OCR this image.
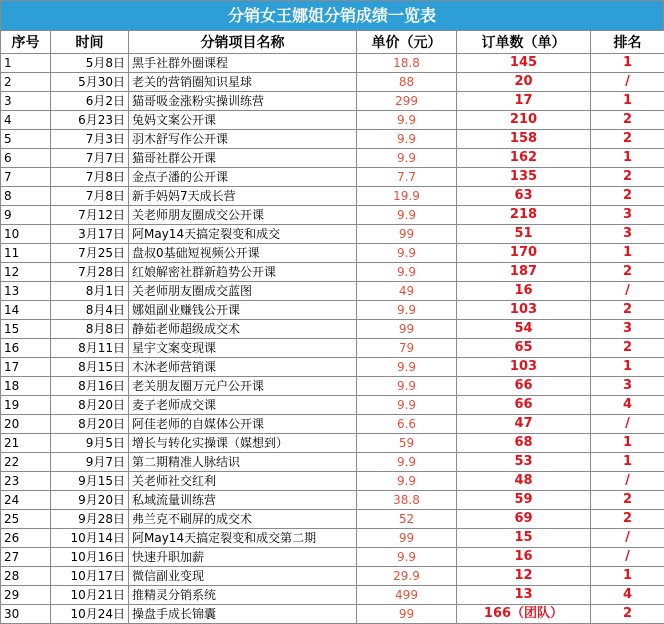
分销女王娜姐分销成绩一览表
序号	时间	分销项目名称	单价（元）	订单数（单）	排名
1	5月8日	黑手社群外圈课程	18.8	145	1
2	5月30日	老关的营销圈知识星球	88	20	/
3	6月2日	猫哥吸金涨粉实操训练营	299	17	1
4	6月23日	兔妈文案公开课	9.9	210	2
5	7月3日	羽木舒写作公开课	9.9	158	2
6	7月7日	猫哥社群公开课	9.9	162	1
7	7月8日	金点子潘的公开课	7.7	135	2
8	7月8日	新手妈妈7天成长营	19.9	63	2
9	7月12日	关老师朋友圈成交公开课	9.9	218	3
10	3月17日	阿May14天搞定裂变和成交	99	51	3
11	7月25日	盘叔0基础短视频公开课	9.9	170	1
12	7月28日	红娘解密社群新趋势公开课	9.9	187	2
13	8月1日	关老师朋友圈成交蓝图	49	16	/
14	8月4日	娜姐副业赚钱公开课	9.9	103	2
15	8月8日	静茹老师超级成交术	99	54	3
16	8月11日	星宇文案变现课	79	65	2
17	8月15日	木沐老师营销课	9.9	103	1
18	8月16日	老关朋友圈万元户公开课	9.9	66	3
19	8月20日	麦子老师成交课	9.9	66	4
20	8月20日	阿佳老师的自媒体公开课	6.6	47	/
21	9月5日	增长与转化实操课（媒想到）	59	68	1
22	9月7日	第二期精准人脉结识	9.9	53	1
23	9月15日	关老师社交红利	9.9	48	/
24	9月20日	私域流量训练营	38.8	59	2
25	9月28日	弗兰克不刷屏的成交术	52	69	2
26	10月14日	阿May14天搞定裂变和成交第二期	99	15	/
27	10月16日	快速升职加薪	9.9	16	/
28	10月17日	微信副业变现	29.9	12	1
29	10月21日	推精灵分销系统	499	13	4
30	10月24日	操盘手成长锦囊	99	166（团队）	2
